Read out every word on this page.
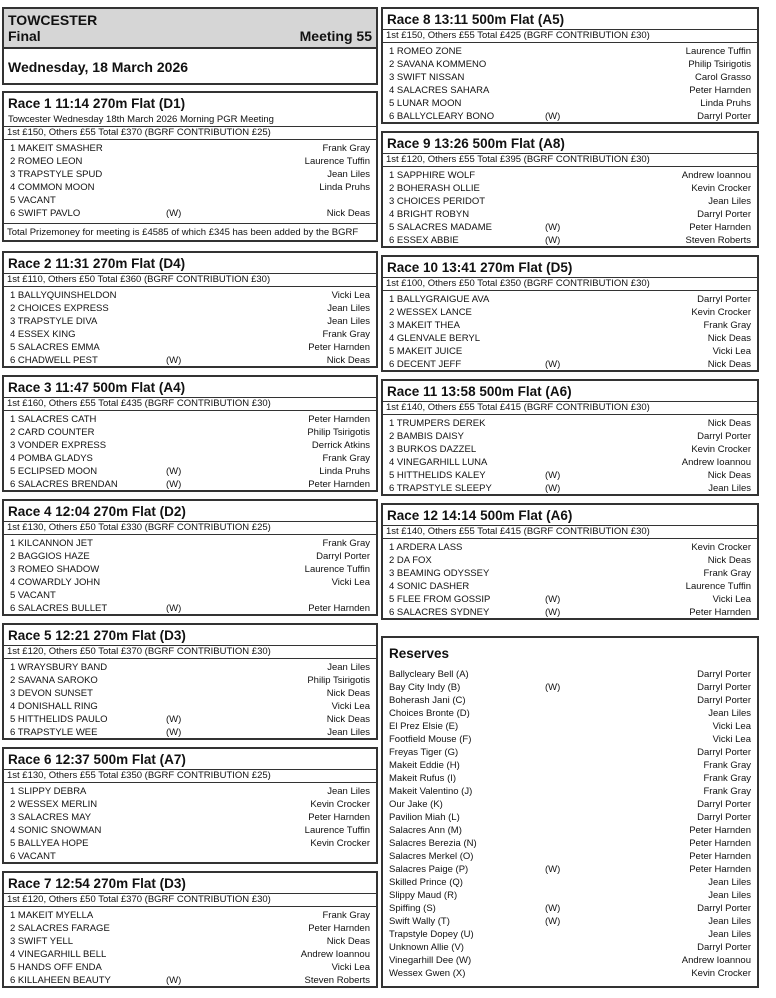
TOWCESTER
Final	Meeting 55
Wednesday, 18 March 2026
Race 1 11:14 270m Flat (D1)
Towcester Wednesday 18th March 2026 Morning PGR Meeting
1st £150, Others £55 Total £370 (BGRF CONTRIBUTION £25)
1 MAKEIT SMASHER	Frank Gray
2 ROMEO LEON	Laurence Tuffin
3 TRAPSTYLE SPUD	Jean Liles
4 COMMON MOON	Linda Pruhs
5 VACANT
6 SWIFT PAVLO	(W)	Nick Deas
Total Prizemoney for meeting is £4585 of which £345 has been added by the BGRF
Race 2 11:31 270m Flat (D4)
1st £110, Others £50 Total £360 (BGRF CONTRIBUTION £30)
1 BALLYQUINSHELDON	Vicki Lea
2 CHOICES EXPRESS	Jean Liles
3 TRAPSTYLE DIVA	Jean Liles
4 ESSEX KING	Frank Gray
5 SALACRES EMMA	Peter Harnden
6 CHADWELL PEST	(W)	Nick Deas
Race 3 11:47 500m Flat (A4)
1st £160, Others £55 Total £435 (BGRF CONTRIBUTION £30)
1 SALACRES CATH	Peter Harnden
2 CARD COUNTER	Philip Tsirigotis
3 VONDER EXPRESS	Derrick Atkins
4 POMBA GLADYS	Frank Gray
5 ECLIPSED MOON	(W)	Linda Pruhs
6 SALACRES BRENDAN	(W)	Peter Harnden
Race 4 12:04 270m Flat (D2)
1st £130, Others £50 Total £330 (BGRF CONTRIBUTION £25)
1 KILCANNON JET	Frank Gray
2 BAGGIOS HAZE	Darryl Porter
3 ROMEO SHADOW	Laurence Tuffin
4 COWARDLY JOHN	Vicki Lea
5 VACANT
6 SALACRES BULLET	(W)	Peter Harnden
Race 5 12:21 270m Flat (D3)
1st £120, Others £50 Total £370 (BGRF CONTRIBUTION £30)
1 WRAYSBURY BAND	Jean Liles
2 SAVANA SAROKO	Philip Tsirigotis
3 DEVON SUNSET	Nick Deas
4 DONISHALL RING	Vicki Lea
5 HITTHELIDS PAULO	(W)	Nick Deas
6 TRAPSTYLE WEE	(W)	Jean Liles
Race 6 12:37 500m Flat (A7)
1st £130, Others £55 Total £350 (BGRF CONTRIBUTION £25)
1 SLIPPY DEBRA	Jean Liles
2 WESSEX MERLIN	Kevin Crocker
3 SALACRES MAY	Peter Harnden
4 SONIC SNOWMAN	Laurence Tuffin
5 BALLYEA HOPE	Kevin Crocker
6 VACANT
Race 7 12:54 270m Flat (D3)
1st £120, Others £50 Total £370 (BGRF CONTRIBUTION £30)
1 MAKEIT MYELLA	Frank Gray
2 SALACRES FARAGE	Peter Harnden
3 SWIFT YELL	Nick Deas
4 VINEGARHILL BELL	Andrew Ioannou
5 HANDS OFF ENDA	Vicki Lea
6 KILLAHEEN BEAUTY	(W)	Steven Roberts
Race 8 13:11 500m Flat (A5)
1st £150, Others £55 Total £425 (BGRF CONTRIBUTION £30)
1 ROMEO ZONE	Laurence Tuffin
2 SAVANA KOMMENO	Philip Tsirigotis
3 SWIFT NISSAN	Carol Grasso
4 SALACRES SAHARA	Peter Harnden
5 LUNAR MOON	Linda Pruhs
6 BALLYCLEARY BONO	(W)	Darryl Porter
Race 9 13:26 500m Flat (A8)
1st £120, Others £55 Total £395 (BGRF CONTRIBUTION £30)
1 SAPPHIRE WOLF	Andrew Ioannou
2 BOHERASH OLLIE	Kevin Crocker
3 CHOICES PERIDOT	Jean Liles
4 BRIGHT ROBYN	Darryl Porter
5 SALACRES MADAME	(W)	Peter Harnden
6 ESSEX ABBIE	(W)	Steven Roberts
Race 10 13:41 270m Flat (D5)
1st £100, Others £50 Total £350 (BGRF CONTRIBUTION £30)
1 BALLYGRAIGUE AVA	Darryl Porter
2 WESSEX LANCE	Kevin Crocker
3 MAKEIT THEA	Frank Gray
4 GLENVALE BERYL	Nick Deas
5 MAKEIT JUICE	Vicki Lea
6 DECENT JEFF	(W)	Nick Deas
Race 11 13:58 500m Flat (A6)
1st £140, Others £55 Total £415 (BGRF CONTRIBUTION £30)
1 TRUMPERS DEREK	Nick Deas
2 BAMBIS DAISY	Darryl Porter
3 BURKOS DAZZEL	Kevin Crocker
4 VINEGARHILL LUNA	Andrew Ioannou
5 HITTHELIDS KALEY	(W)	Nick Deas
6 TRAPSTYLE SLEEPY	(W)	Jean Liles
Race 12 14:14 500m Flat (A6)
1st £140, Others £55 Total £415 (BGRF CONTRIBUTION £30)
1 ARDERA LASS	Kevin Crocker
2 DA FOX	Nick Deas
3 BEAMING ODYSSEY	Frank Gray
4 SONIC DASHER	Laurence Tuffin
5 FLEE FROM GOSSIP	(W)	Vicki Lea
6 SALACRES SYDNEY	(W)	Peter Harnden
Reserves
Ballycleary Bell (A)	Darryl Porter
Bay City Indy (B)	(W)	Darryl Porter
Boherash Jani (C)	Darryl Porter
Choices Bronte (D)	Jean Liles
El Prez Elsie (E)	Vicki Lea
Footfield Mouse (F)	Vicki Lea
Freyas Tiger (G)	Darryl Porter
Makeit Eddie (H)	Frank Gray
Makeit Rufus (I)	Frank Gray
Makeit Valentino (J)	Frank Gray
Our Jake (K)	Darryl Porter
Pavilion Miah (L)	Darryl Porter
Salacres Ann (M)	Peter Harnden
Salacres Berezia (N)	Peter Harnden
Salacres Merkel (O)	Peter Harnden
Salacres Paige (P)	(W)	Peter Harnden
Skilled Prince (Q)	Jean Liles
Slippy Maud (R)	Jean Liles
Spiffing (S)	(W)	Darryl Porter
Swift Wally (T)	(W)	Jean Liles
Trapstyle Dopey (U)	Jean Liles
Unknown Allie (V)	Darryl Porter
Vinegarhill Dee (W)	Andrew Ioannou
Wessex Gwen (X)	Kevin Crocker
